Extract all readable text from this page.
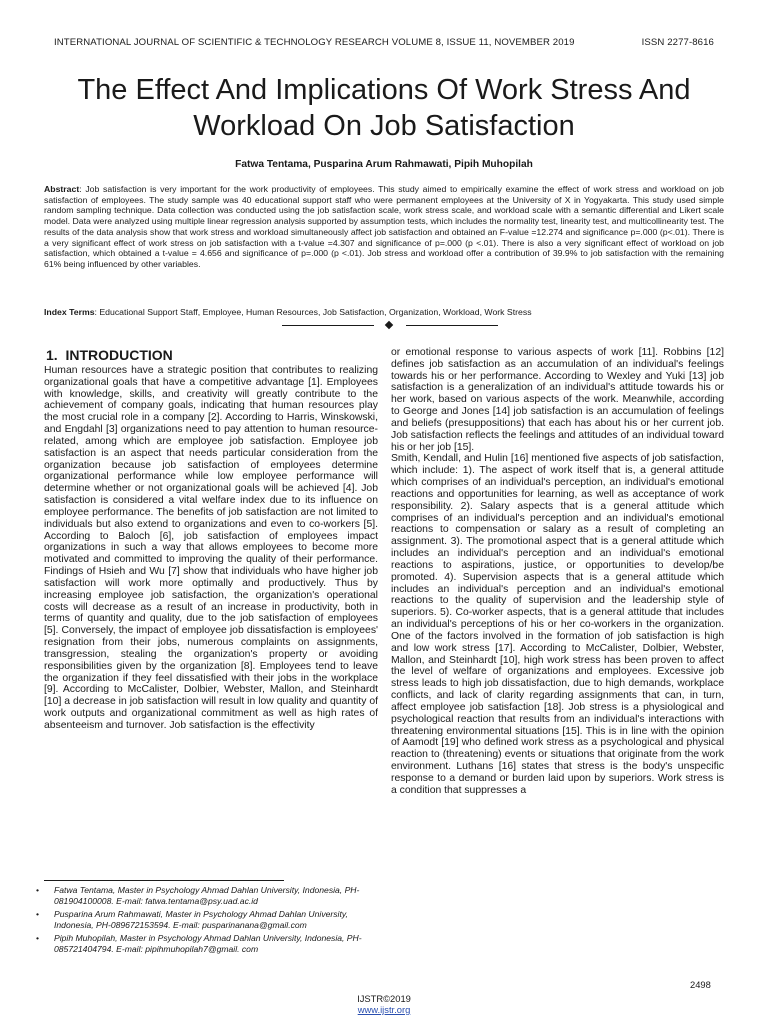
INTERNATIONAL JOURNAL OF SCIENTIFIC & TECHNOLOGY RESEARCH VOLUME 8, ISSUE 11, NOVEMBER 2019	ISSN 2277-8616
The Effect And Implications Of Work Stress And Workload On Job Satisfaction
Fatwa Tentama, Pusparina Arum Rahmawati, Pipih Muhopilah

Abstract: Job satisfaction is very important for the work productivity of employees. This study aimed to empirically examine the effect of work stress and workload on job satisfaction of employees. The study sample was 40 educational support staff who were permanent employees at the University of X in Yogyakarta. This study used simple random sampling technique. Data collection was conducted using the job satisfaction scale, work stress scale, and workload scale with a semantic differential and Likert scale model. Data were analyzed using multiple linear regression analysis supported by assumption tests, which includes the normality test, linearity test, and multicollinearity test. The results of the data analysis show that work stress and workload simultaneously affect job satisfaction and obtained an F-value =12.274 and significance p=.000 (p<.01). There is a very significant effect of work stress on job satisfaction with a t-value =4.307 and significance of p=.000 (p <.01). There is also a very significant effect of workload on job satisfaction, which obtained a t-value = 4.656 and significance of p=.000 (p <.01). Job stress and workload offer a contribution of 39.9% to job satisfaction with the remaining 61% being influenced by other variables.

Index Terms: Educational Support Staff, Employee, Human Resources, Job Satisfaction, Organization, Workload, Work Stress

1. INTRODUCTION

Human resources have a strategic position that contributes to realizing organizational goals that have a competitive advantage [1]. Employees with knowledge, skills, and creativity will greatly contribute to the achievement of company goals, indicating that human resources play the most crucial role in a company [2]. According to Harris, Winskowski, and Engdahl [3] organizations need to pay attention to human resource-related, among which are employee job satisfaction. Employee job satisfaction is an aspect that needs particular consideration from the organization because job satisfaction of employees determine organizational performance while low employee performance will determine whether or not organizational goals will be achieved [4]. Job satisfaction is considered a vital welfare index due to its influence on employee performance. The benefits of job satisfaction are not limited to individuals but also extend to organizations and even to co-workers [5]. According to Baloch [6], job satisfaction of employees impact organizations in such a way that allows employees to become more motivated and committed to improving the quality of their performance. Findings of Hsieh and Wu [7] show that individuals who have higher job satisfaction will work more optimally and productively. Thus by increasing employee job satisfaction, the organization's operational costs will decrease as a result of an increase in productivity, both in terms of quantity and quality, due to the job satisfaction of employees [5]. Conversely, the impact of employee job dissatisfaction is employees' resignation from their jobs, numerous complaints on assignments, transgression, stealing the organization's property or avoiding responsibilities given by the organization [8]. Employees tend to leave the organization if they feel dissatisfied with their jobs in the workplace [9]. According to McCalister, Dolbier, Webster, Mallon, and Steinhardt [10] a decrease in job satisfaction will result in low quality and quantity of work outputs and organizational commitment as well as high rates of absenteeism and turnover. Job satisfaction is the effectivity

or emotional response to various aspects of work [11]. Robbins [12] defines job satisfaction as an accumulation of an individual's feelings towards his or her performance. According to Wexley and Yuki [13] job satisfaction is a generalization of an individual's attitude towards his or her work, based on various aspects of the work. Meanwhile, according to George and Jones [14] job satisfaction is an accumulation of feelings and beliefs (presuppositions) that each has about his or her current job. Job satisfaction reflects the feelings and attitudes of an individual toward his or her job [15].

Smith, Kendall, and Hulin [16] mentioned five aspects of job satisfaction, which include: 1). The aspect of work itself that is, a general attitude which comprises of an individual's perception, an individual's emotional reactions and opportunities for learning, as well as acceptance of work responsibility. 2). Salary aspects that is a general attitude which comprises of an individual's perception and an individual's emotional reactions to compensation or salary as a result of completing an assignment. 3). The promotional aspect that is a general attitude which includes an individual's perception and an individual's emotional reactions to aspirations, justice, or opportunities to develop/be promoted. 4). Supervision aspects that is a general attitude which includes an individual's perception and an individual's emotional reactions to the quality of supervision and the leadership style of superiors. 5). Co-worker aspects, that is a general attitude that includes an individual's perceptions of his or her co-workers in the organization. One of the factors involved in the formation of job satisfaction is high and low work stress [17]. According to McCalister, Dolbier, Webster, Mallon, and Steinhardt [10], high work stress has been proven to affect the level of welfare of organizations and employees. Excessive job stress leads to high job dissatisfaction, due to high demands, workplace conflicts, and lack of clarity regarding assignments that can, in turn, affect employee job satisfaction [18]. Job stress is a physiological and psychological reaction that results from an individual's interactions with threatening environmental situations [15]. This is in line with the opinion of Aamodt [19] who defined work stress as a psychological and physical reaction to (threatening) events or situations that originate from the work environment. Luthans [16] states that stress is the body's unspecific response to a demand or burden laid upon by superiors. Work stress is a condition that suppresses a

• Fatwa Tentama, Master in Psychology Ahmad Dahlan University, Indonesia, PH-081904100008. E-mail: fatwa.tentama@psy.uad.ac.id
• Pusparina Arum Rahmawati, Master in Psychology Ahmad Dahlan University, Indonesia, PH-089672153594. E-mail: pusparinanana@gmail.com
• Pipih Muhopilah, Master in Psychology Ahmad Dahlan University, Indonesia, PH-085721404794. E-mail: pipihmuhopilah7@gmail. com
2498
IJSTR©2019
www.ijstr.org
